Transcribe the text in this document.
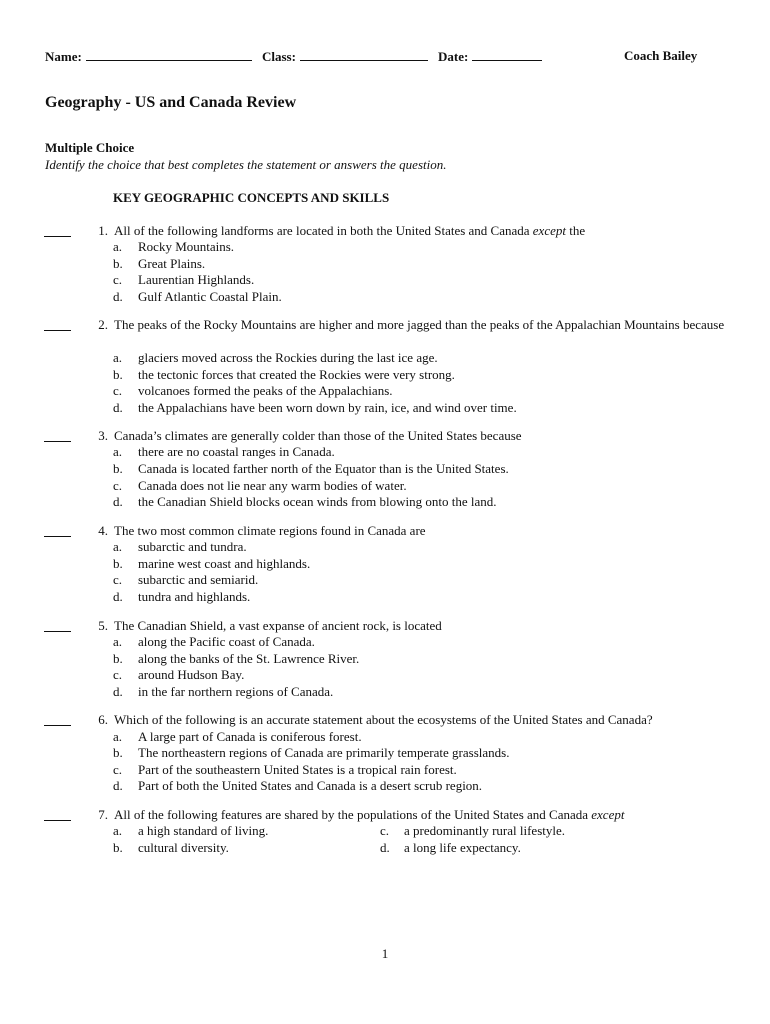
Name:	Class:	Date:	Coach Bailey
Geography - US and Canada Review
Multiple Choice
Identify the choice that best completes the statement or answers the question.
KEY GEOGRAPHIC CONCEPTS AND SKILLS
1. All of the following landforms are located in both the United States and Canada except the
a. Rocky Mountains.
b. Great Plains.
c. Laurentian Highlands.
d. Gulf Atlantic Coastal Plain.
2. The peaks of the Rocky Mountains are higher and more jagged than the peaks of the Appalachian Mountains because
a. glaciers moved across the Rockies during the last ice age.
b. the tectonic forces that created the Rockies were very strong.
c. volcanoes formed the peaks of the Appalachians.
d. the Appalachians have been worn down by rain, ice, and wind over time.
3. Canada’s climates are generally colder than those of the United States because
a. there are no coastal ranges in Canada.
b. Canada is located farther north of the Equator than is the United States.
c. Canada does not lie near any warm bodies of water.
d. the Canadian Shield blocks ocean winds from blowing onto the land.
4. The two most common climate regions found in Canada are
a. subarctic and tundra.
b. marine west coast and highlands.
c. subarctic and semiarid.
d. tundra and highlands.
5. The Canadian Shield, a vast expanse of ancient rock, is located
a. along the Pacific coast of Canada.
b. along the banks of the St. Lawrence River.
c. around Hudson Bay.
d. in the far northern regions of Canada.
6. Which of the following is an accurate statement about the ecosystems of the United States and Canada?
a. A large part of Canada is coniferous forest.
b. The northeastern regions of Canada are primarily temperate grasslands.
c. Part of the southeastern United States is a tropical rain forest.
d. Part of both the United States and Canada is a desert scrub region.
7. All of the following features are shared by the populations of the United States and Canada except
a. a high standard of living.	c. a predominantly rural lifestyle.
b. cultural diversity.	d. a long life expectancy.
1
